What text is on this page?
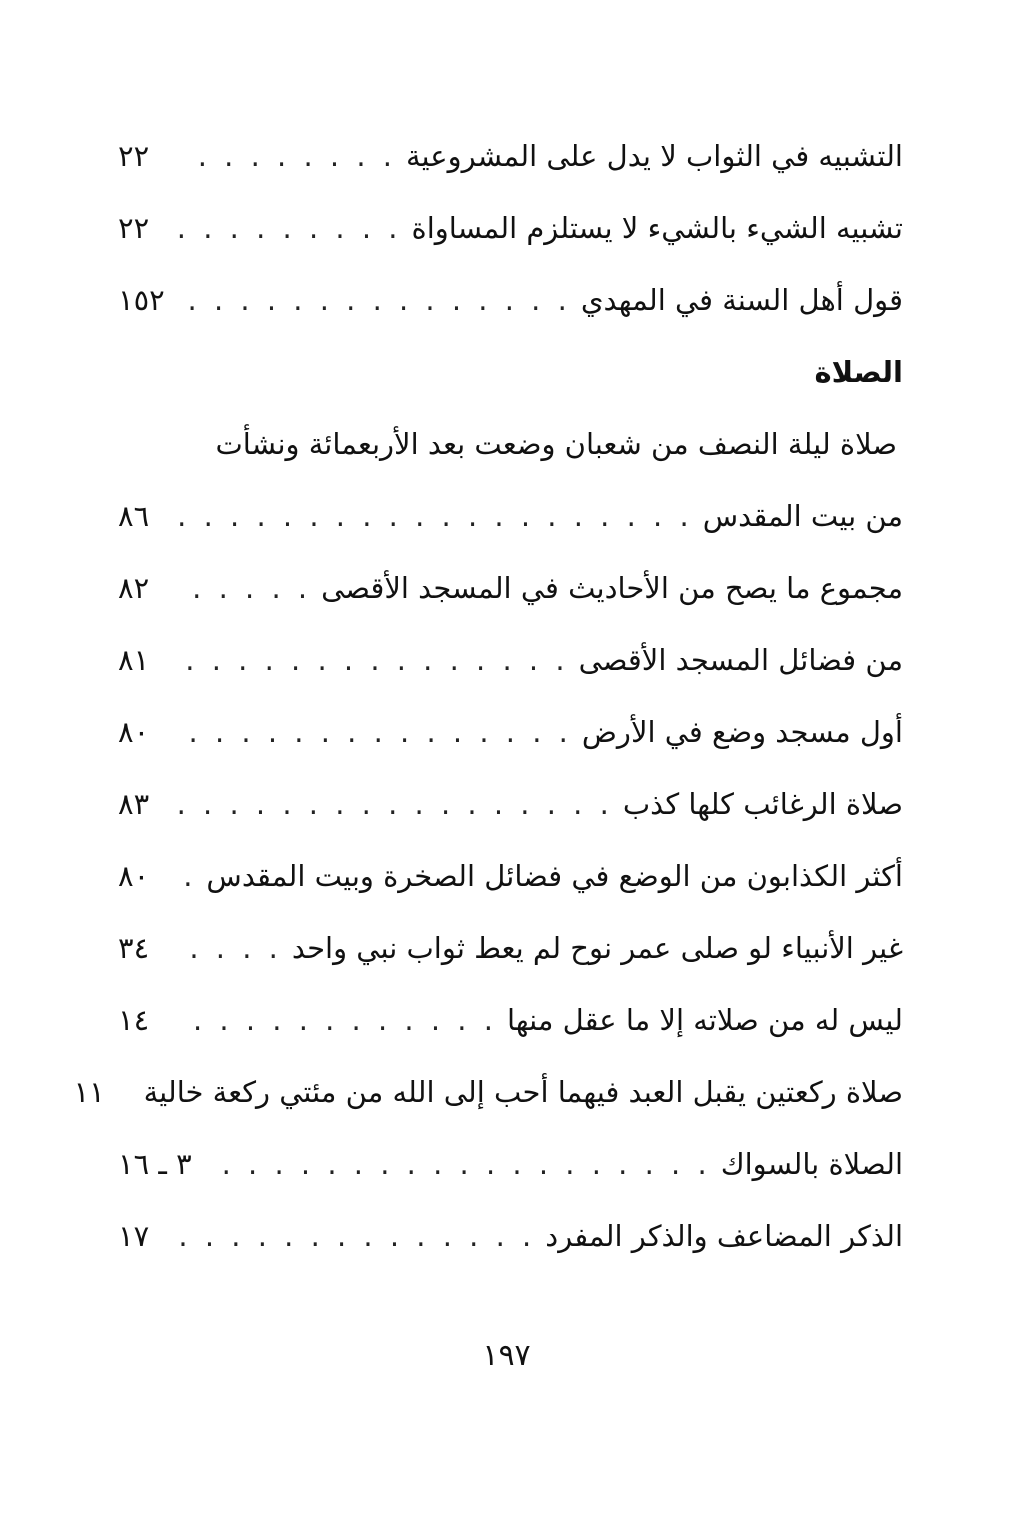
التشبيه في الثواب لا يدل على المشروعية
. . .
٢٢
تشبيه الشيء بالشيء لا يستلزم المساواة
. . .
٢٢
قول أهل السنة في المهدي
. . .
١٥٢
الصلاة
صلاة ليلة النصف من شعبان وضعت بعد الأربعمائة ونشأت
من بيت المقدس
. . .
٨٦
مجموع ما يصح من الأحاديث في المسجد الأقصى
. . .
٨٢
من فضائل المسجد الأقصى
. . .
٨١
أول مسجد وضع في الأرض
. . .
٨٠
صلاة الرغائب كلها كذب
. . .
٨٣
أكثر الكذابون من الوضع في فضائل الصخرة وبيت المقدس
. . .
٨٠
غير الأنبياء لو صلى عمر نوح لم يعط ثواب نبي واحد
. . .
٣٤
ليس له من صلاته إلا ما عقل منها
. . .
١٤
صلاة ركعتين يقبل العبد فيهما أحب إلى الله من مئتي ركعة خالية
١١
الصلاة بالسواك
. . .
٣ ـ ١٦
الذكر المضاعف والذكر المفرد
. . .
١٧
١٩٧
